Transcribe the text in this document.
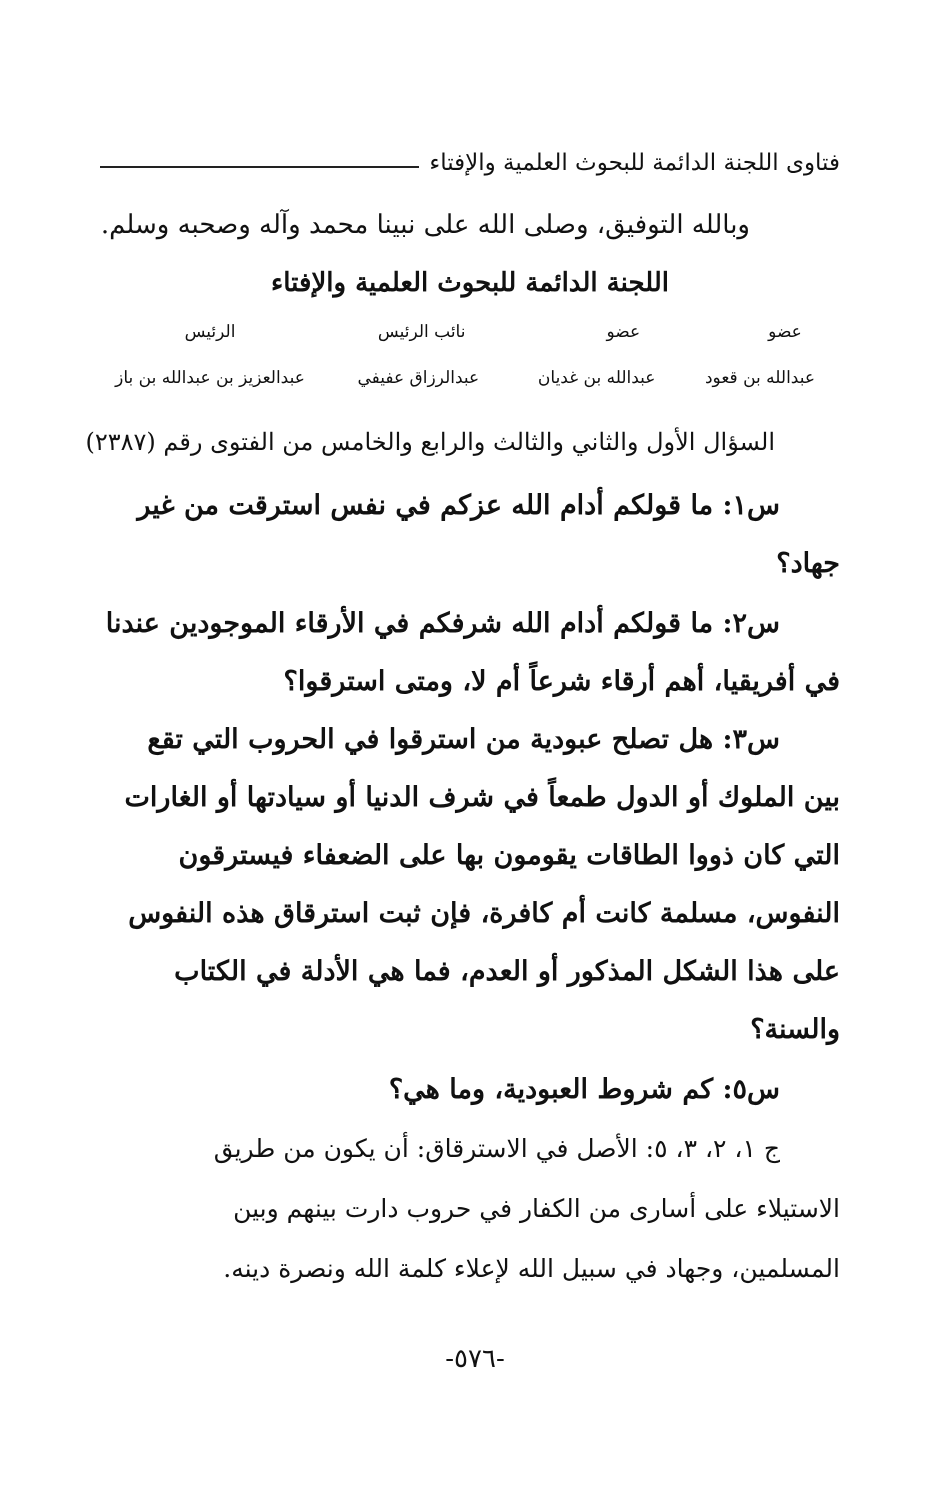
فتاوى اللجنة الدائمة للبحوث العلمية والإفتاء
وبالله التوفيق، وصلى الله على نبينا محمد وآله وصحبه وسلم.
اللجنة الدائمة للبحوث العلمية والإفتاء
عضو
عضو
نائب الرئيس
الرئيس
عبدالله بن قعود
عبدالله بن غديان
عبدالرزاق عفيفي
عبدالعزيز بن عبدالله بن باز
السؤال الأول والثاني والثالث والرابع والخامس من الفتوى رقم (٢٣٨٧)
س١: ما قولكم أدام الله عزكم في نفس استرقت من غير
جهاد؟
س٢: ما قولكم أدام الله شرفكم في الأرقاء الموجودين عندنا
في أفريقيا، أهم أرقاء شرعاً أم لا، ومتى استرقوا؟
س٣: هل تصلح عبودية من استرقوا في الحروب التي تقع
بين الملوك أو الدول طمعاً في شرف الدنيا أو سيادتها أو الغارات
التي كان ذووا الطاقات يقومون بها على الضعفاء فيسترقون
النفوس، مسلمة كانت أم كافرة، فإن ثبت استرقاق هذه النفوس
على هذا الشكل المذكور أو العدم، فما هي الأدلة في الكتاب
والسنة؟
س٥: كم شروط العبودية، وما هي؟
ج ١، ٢، ٣، ٥: الأصل في الاسترقاق: أن يكون من طريق
الاستيلاء على أسارى من الكفار في حروب دارت بينهم وبين
المسلمين، وجهاد في سبيل الله لإعلاء كلمة الله ونصرة دينه.
-٥٧٦-
